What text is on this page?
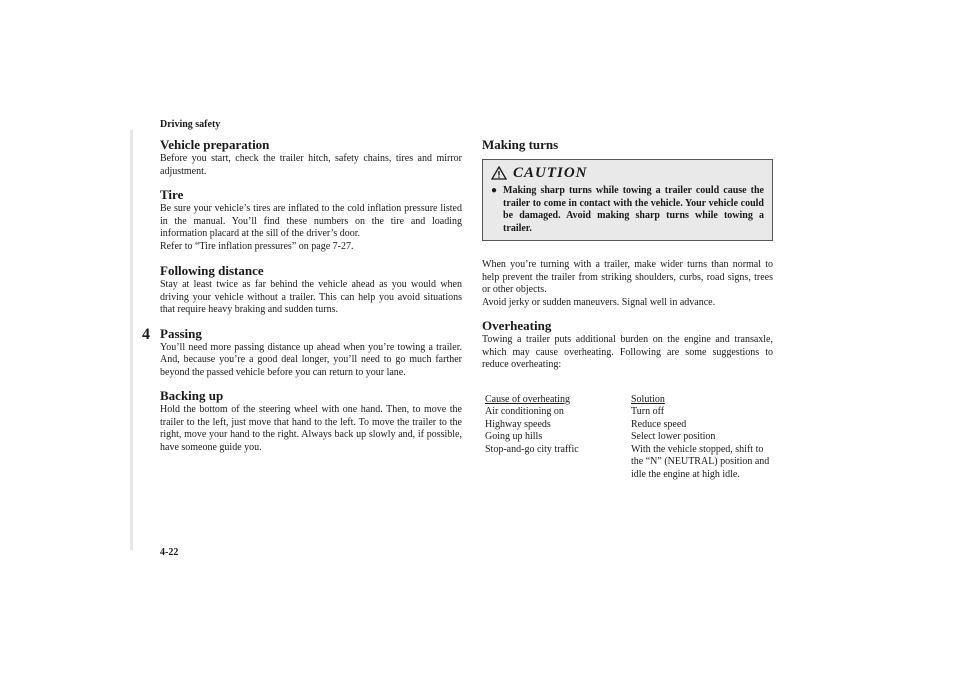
Driving safety
4
Vehicle preparation

Before you start, check the trailer hitch, safety chains, tires and mirror adjustment.

Tire

Be sure your vehicle’s tires are inflated to the cold inflation pressure listed in the manual. You’ll find these numbers on the tire and loading information placard at the sill of the driver’s door.

Refer to “Tire inflation pressures” on page 7-27.

Following distance

Stay at least twice as far behind the vehicle ahead as you would when driving your vehicle without a trailer. This can help you avoid situations that require heavy braking and sudden turns.

Passing

You’ll need more passing distance up ahead when you’re towing a trailer. And, because you’re a good deal longer, you’ll need to go much farther beyond the passed vehicle before you can return to your lane.

Backing up

Hold the bottom of the steering wheel with one hand. Then, to move the trailer to the left, just move that hand to the left. To move the trailer to the right, move your hand to the right. Always back up slowly and, if possible, have someone guide you.

Making turns
CAUTION
● Making sharp turns while towing a trailer could cause the trailer to come in contact with the vehicle. Your vehicle could be damaged. Avoid making sharp turns while towing a trailer.

When you’re turning with a trailer, make wider turns than normal to help prevent the trailer from striking shoulders, curbs, road signs, trees or other objects.

Avoid jerky or sudden maneuvers. Signal well in advance.

Overheating

Towing a trailer puts additional burden on the engine and transaxle, which may cause overheating. Following are some suggestions to reduce overheating:

Cause of overheating	Solution
Air conditioning on	Turn off
Highway speeds	Reduce speed
Going up hills	Select lower position
Stop-and-go city traffic	With the vehicle stopped, shift to the “N” (NEUTRAL) position and idle the engine at high idle.
4-22
